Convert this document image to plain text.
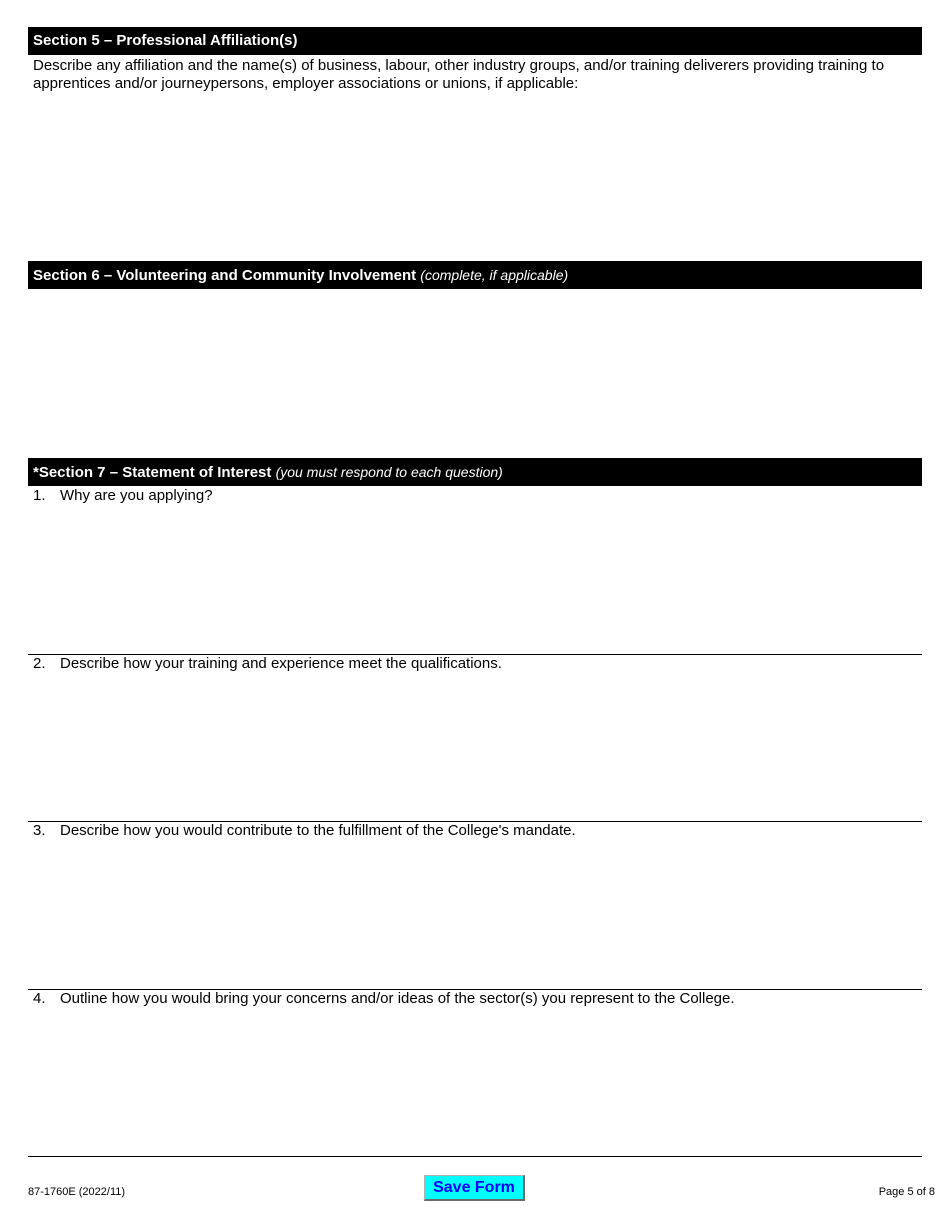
Section 5 – Professional Affiliation(s)
Describe any affiliation and the name(s) of business, labour, other industry groups, and/or training deliverers providing training to apprentices and/or journeypersons, employer associations or unions, if applicable:
Section 6 – Volunteering and Community Involvement (complete, if applicable)
*Section 7 – Statement of Interest (you must respond to each question)
1. Why are you applying?
2. Describe how your training and experience meet the qualifications.
3. Describe how you would contribute to the fulfillment of the College's mandate.
4. Outline how you would bring your concerns and/or ideas of the sector(s) you represent to the College.
87-1760E (2022/11)	Save Form	Page 5 of 8
